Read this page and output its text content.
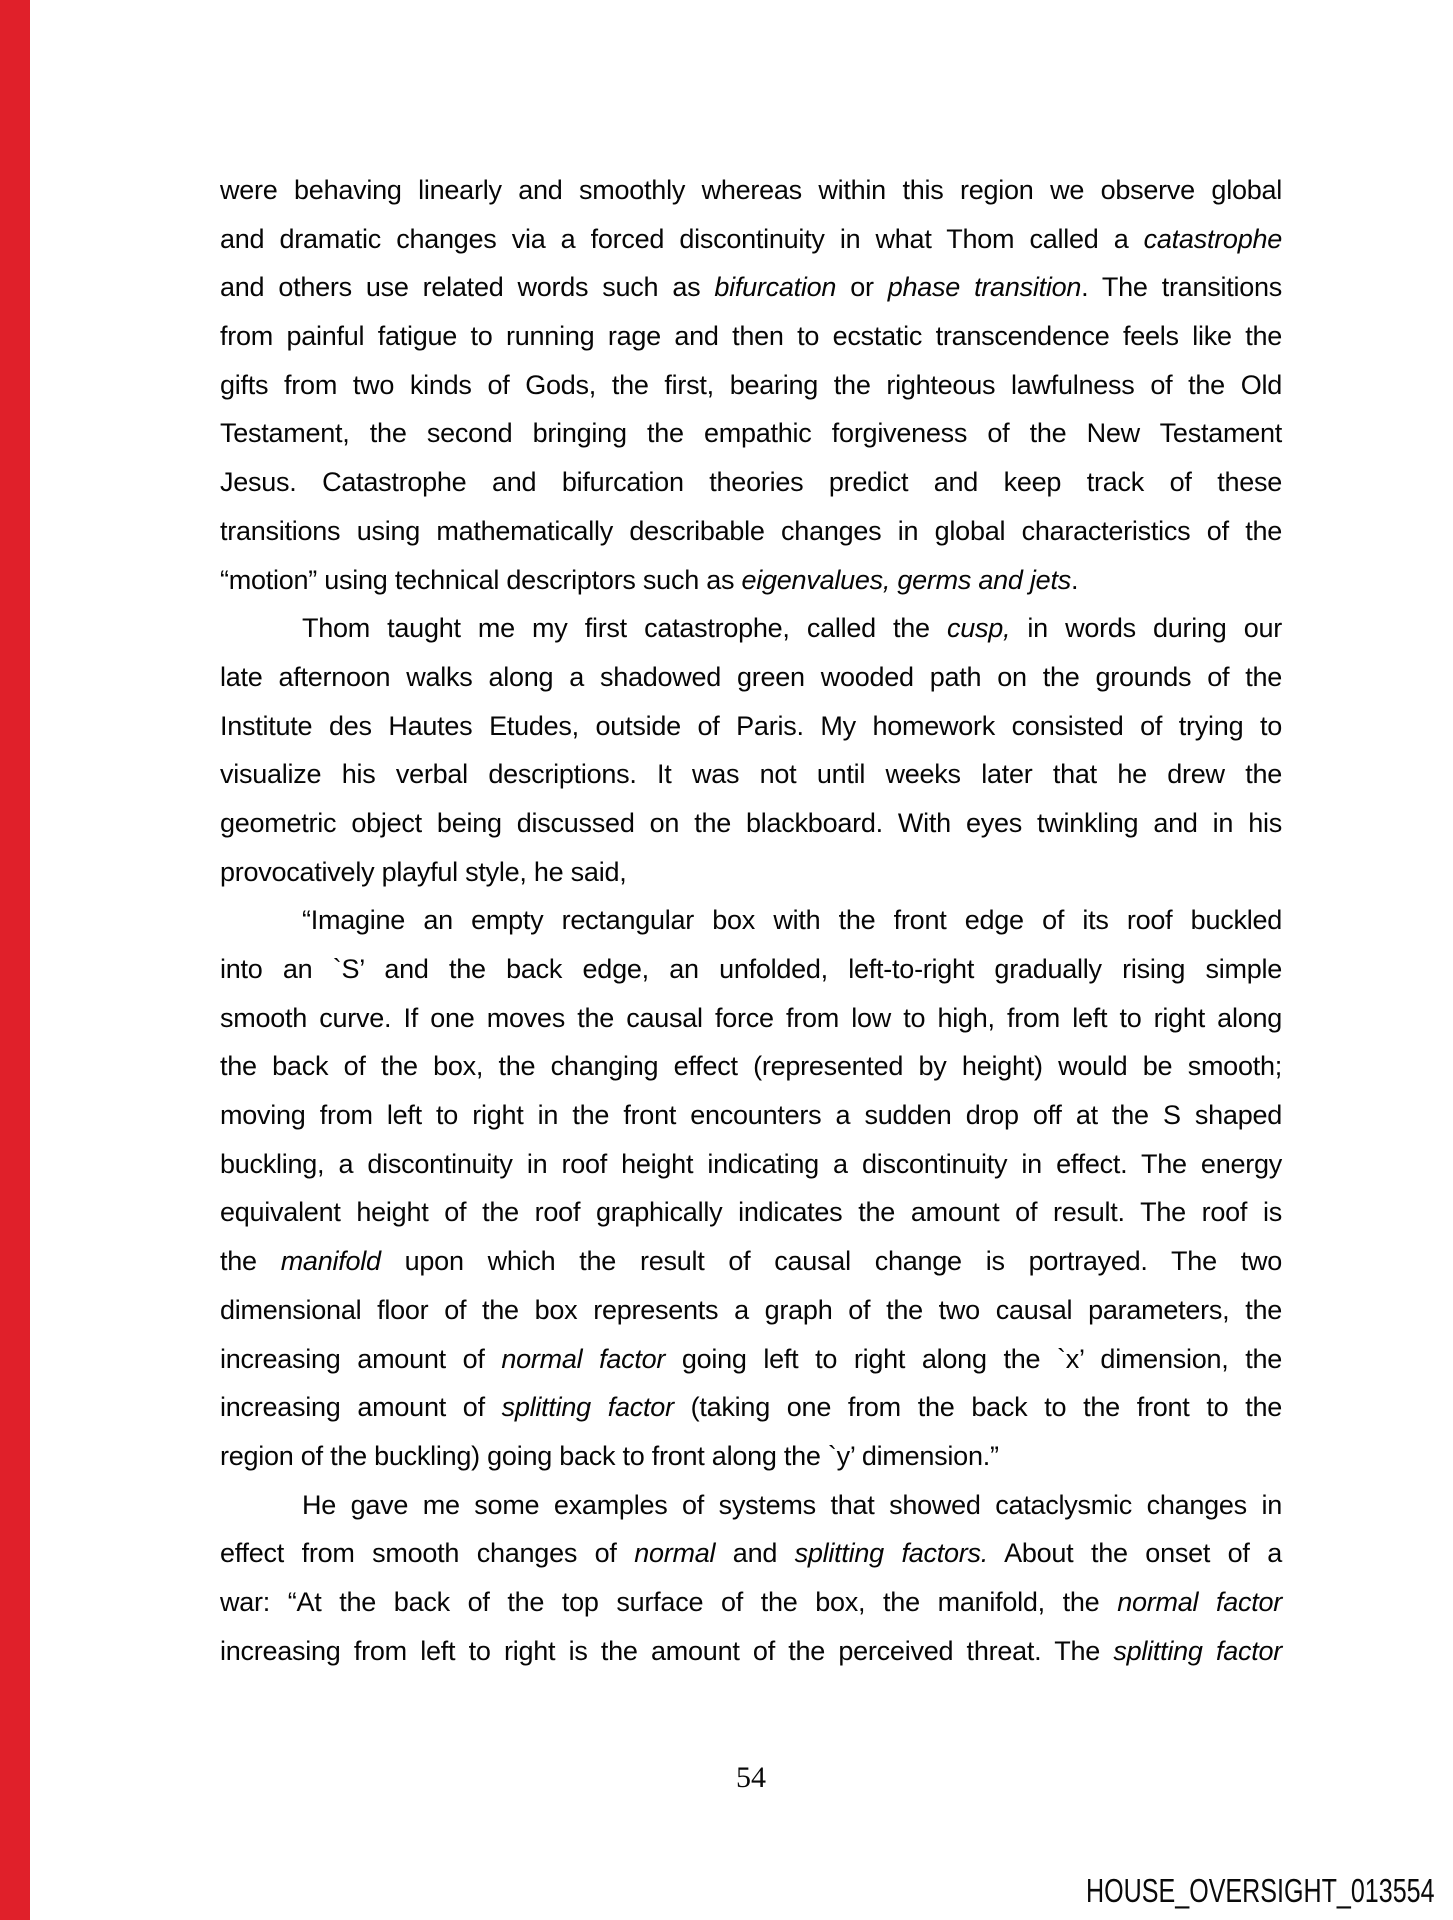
were behaving linearly and smoothly whereas within this region we observe global
and dramatic changes via a forced discontinuity in what Thom called a catastrophe
and others use related words such as bifurcation or phase transition. The transitions
from painful fatigue to running rage and then to ecstatic transcendence feels like the
gifts from two kinds of Gods, the first, bearing the righteous lawfulness of the Old
Testament, the second bringing the empathic forgiveness of the New Testament
Jesus. Catastrophe and bifurcation theories predict and keep track of these
transitions using mathematically describable changes in global characteristics of the
“motion” using technical descriptors such as eigenvalues, germs and jets.
Thom taught me my first catastrophe, called the cusp, in words during our
late afternoon walks along a shadowed green wooded path on the grounds of the
Institute des Hautes Etudes, outside of Paris. My homework consisted of trying to
visualize his verbal descriptions. It was not until weeks later that he drew the
geometric object being discussed on the blackboard. With eyes twinkling and in his
provocatively playful style, he said,
“Imagine an empty rectangular box with the front edge of its roof buckled
into an `S’ and the back edge, an unfolded, left-to-right gradually rising simple
smooth curve. If one moves the causal force from low to high, from left to right along
the back of the box, the changing effect (represented by height) would be smooth;
moving from left to right in the front encounters a sudden drop off at the S shaped
buckling, a discontinuity in roof height indicating a discontinuity in effect. The energy
equivalent height of the roof graphically indicates the amount of result. The roof is
the manifold upon which the result of causal change is portrayed. The two
dimensional floor of the box represents a graph of the two causal parameters, the
increasing amount of normal factor going left to right along the `x’ dimension, the
increasing amount of splitting factor (taking one from the back to the front to the
region of the buckling) going back to front along the `y’ dimension.”
He gave me some examples of systems that showed cataclysmic changes in
effect from smooth changes of normal and splitting factors. About the onset of a
war: “At the back of the top surface of the box, the manifold, the normal factor
increasing from left to right is the amount of the perceived threat. The splitting factor
54
HOUSE_OVERSIGHT_013554
